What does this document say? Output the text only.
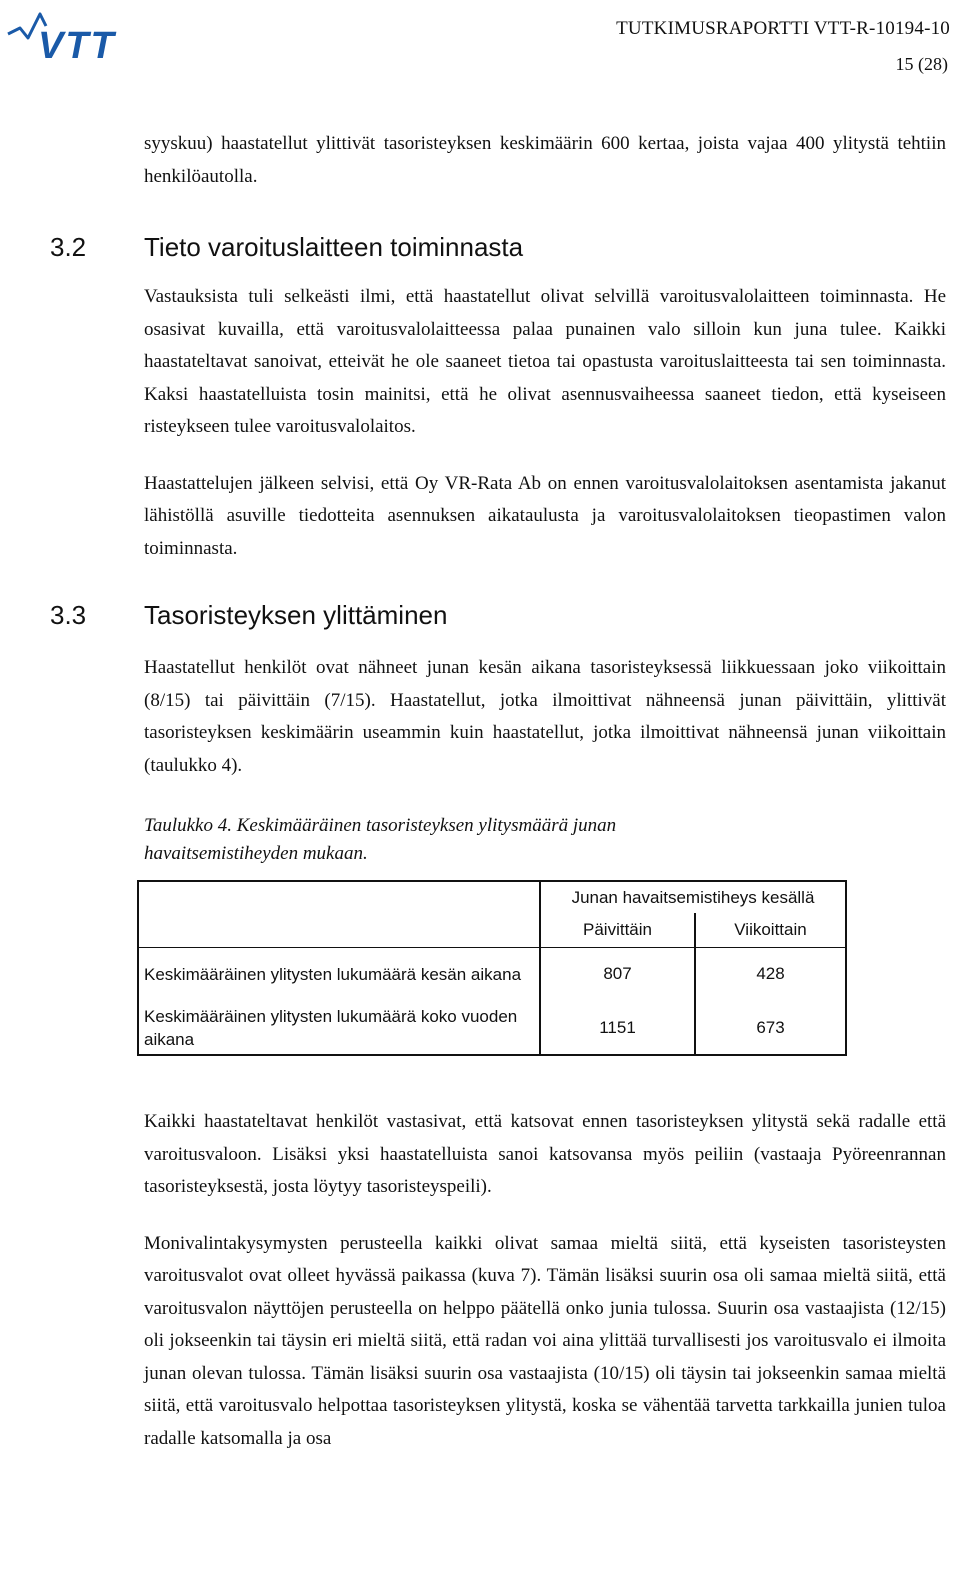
VTT	TUTKIMUSRAPORTTI VTT-R-10194-10
15 (28)

syyskuu) haastatellut ylittivät tasoristeyksen keskimäärin 600 kertaa, joista vajaa 400 ylitystä tehtiin henkilöautolla.

3.2 Tieto varoituslaitteen toiminnasta

Vastauksista tuli selkeästi ilmi, että haastatellut olivat selvillä varoitusvalolaitteen toiminnasta. He osasivat kuvailla, että varoitusvalolaitteessa palaa punainen valo silloin kun juna tulee. Kaikki haastateltavat sanoivat, etteivät he ole saaneet tietoa tai opastusta varoituslaitteesta tai sen toiminnasta. Kaksi haastatelluista tosin mainitsi, että he olivat asennusvaiheessa saaneet tiedon, että kyseiseen risteykseen tulee varoitusvalolaitos.

Haastattelujen jälkeen selvisi, että Oy VR-Rata Ab on ennen varoitusvalolaitoksen asentamista jakanut lähistöllä asuville tiedotteita asennuksen aikataulusta ja varoitusvalolaitoksen tieopastimen valon toiminnasta.

3.3 Tasoristeyksen ylittäminen

Haastatellut henkilöt ovat nähneet junan kesän aikana tasoristeyksessä liikkuessaan joko viikoittain (8/15) tai päivittäin (7/15). Haastatellut, jotka ilmoittivat nähneensä junan päivittäin, ylittivät tasoristeyksen keskimäärin useammin kuin haastatellut, jotka ilmoittivat nähneensä junan viikoittain (taulukko 4).

Taulukko 4. Keskimääräinen tasoristeyksen ylitysmäärä junan

havaitsemistiheyden mukaan.

	Junan havaitsemistiheys kesällä	
	Päivittäin	Viikoittain
Keskimääräinen ylitysten lukumäärä kesän aikana	807	428
Keskimääräinen ylitysten lukumäärä koko vuoden aikana	1151	673

Kaikki haastateltavat henkilöt vastasivat, että katsovat ennen tasoristeyksen ylitystä sekä radalle että varoitusvaloon. Lisäksi yksi haastatelluista sanoi katsovansa myös peiliin (vastaaja Pyöreenrannan tasoristeyksestä, josta löytyy tasoristeyspeili).

Monivalintakysymysten perusteella kaikki olivat samaa mieltä siitä, että kyseisten tasoristeysten varoitusvalot ovat olleet hyvässä paikassa (kuva 7). Tämän lisäksi suurin osa oli samaa mieltä siitä, että varoitusvalon näyttöjen perusteella on helppo päätellä onko junia tulossa. Suurin osa vastaajista (12/15) oli jokseenkin tai täysin eri mieltä siitä, että radan voi aina ylittää turvallisesti jos varoitusvalo ei ilmoita junan olevan tulossa. Tämän lisäksi suurin osa vastaajista (10/15) oli täysin tai jokseenkin samaa mieltä siitä, että varoitusvalo helpottaa tasoristeyksen ylitystä, koska se vähentää tarvetta tarkkailla junien tuloa radalle katsomalla ja osa
